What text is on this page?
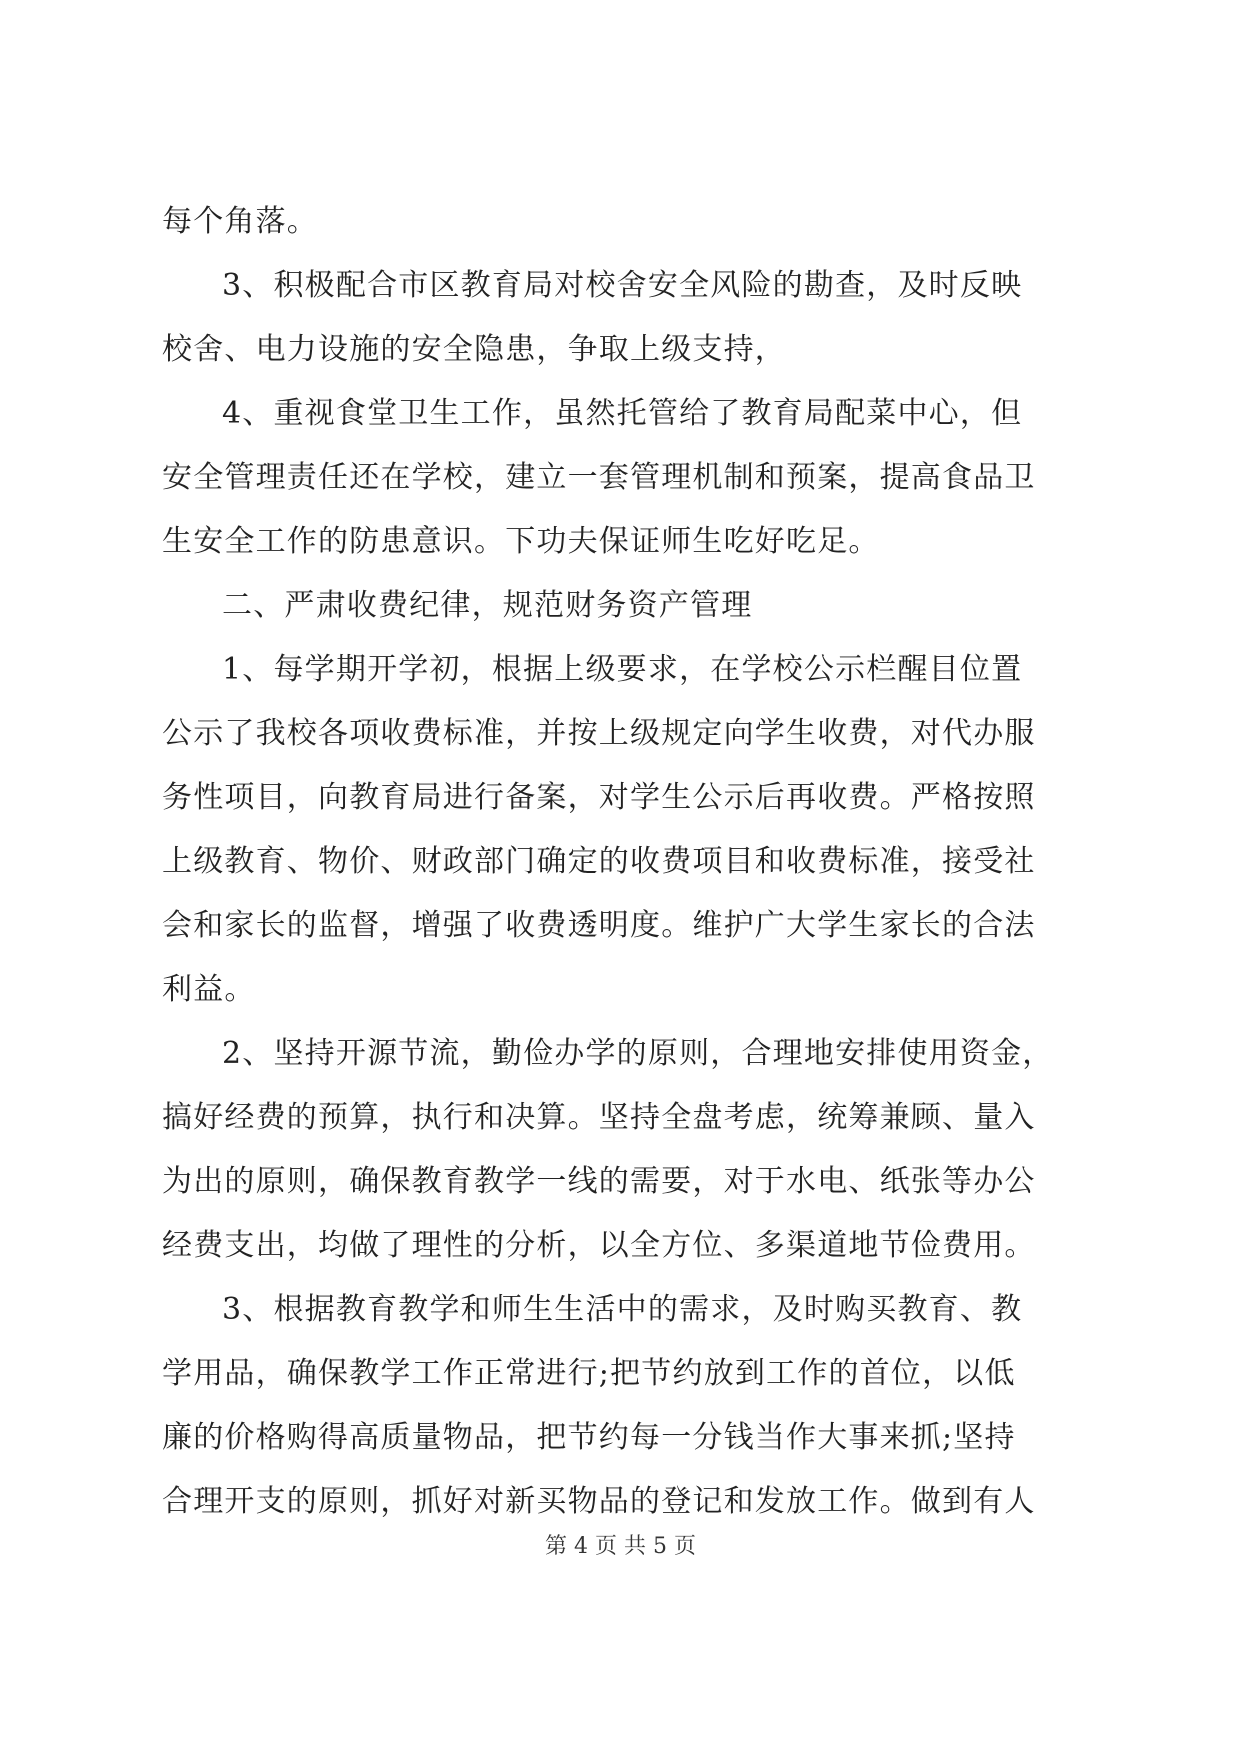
每个角落。

3、积极配合市区教育局对校舍安全风险的勘查，及时反映

校舍、电力设施的安全隐患，争取上级支持，

4、重视食堂卫生工作，虽然托管给了教育局配菜中心，但

安全管理责任还在学校，建立一套管理机制和预案，提高食品卫

生安全工作的防患意识。下功夫保证师生吃好吃足。

二、严肃收费纪律，规范财务资产管理

1、每学期开学初，根据上级要求，在学校公示栏醒目位置

公示了我校各项收费标准，并按上级规定向学生收费，对代办服

务性项目，向教育局进行备案，对学生公示后再收费。严格按照

上级教育、物价、财政部门确定的收费项目和收费标准，接受社

会和家长的监督，增强了收费透明度。维护广大学生家长的合法

利益。

2、坚持开源节流，勤俭办学的原则，合理地安排使用资金，

搞好经费的预算，执行和决算。坚持全盘考虑，统筹兼顾、量入

为出的原则，确保教育教学一线的需要，对于水电、纸张等办公

经费支出，均做了理性的分析，以全方位、多渠道地节俭费用。

3、根据教育教学和师生生活中的需求，及时购买教育、教

学用品，确保教学工作正常进行;把节约放到工作的首位，以低

廉的价格购得高质量物品，把节约每一分钱当作大事来抓;坚持

合理开支的原则，抓好对新买物品的登记和发放工作。做到有人

第 4 页 共 5 页
